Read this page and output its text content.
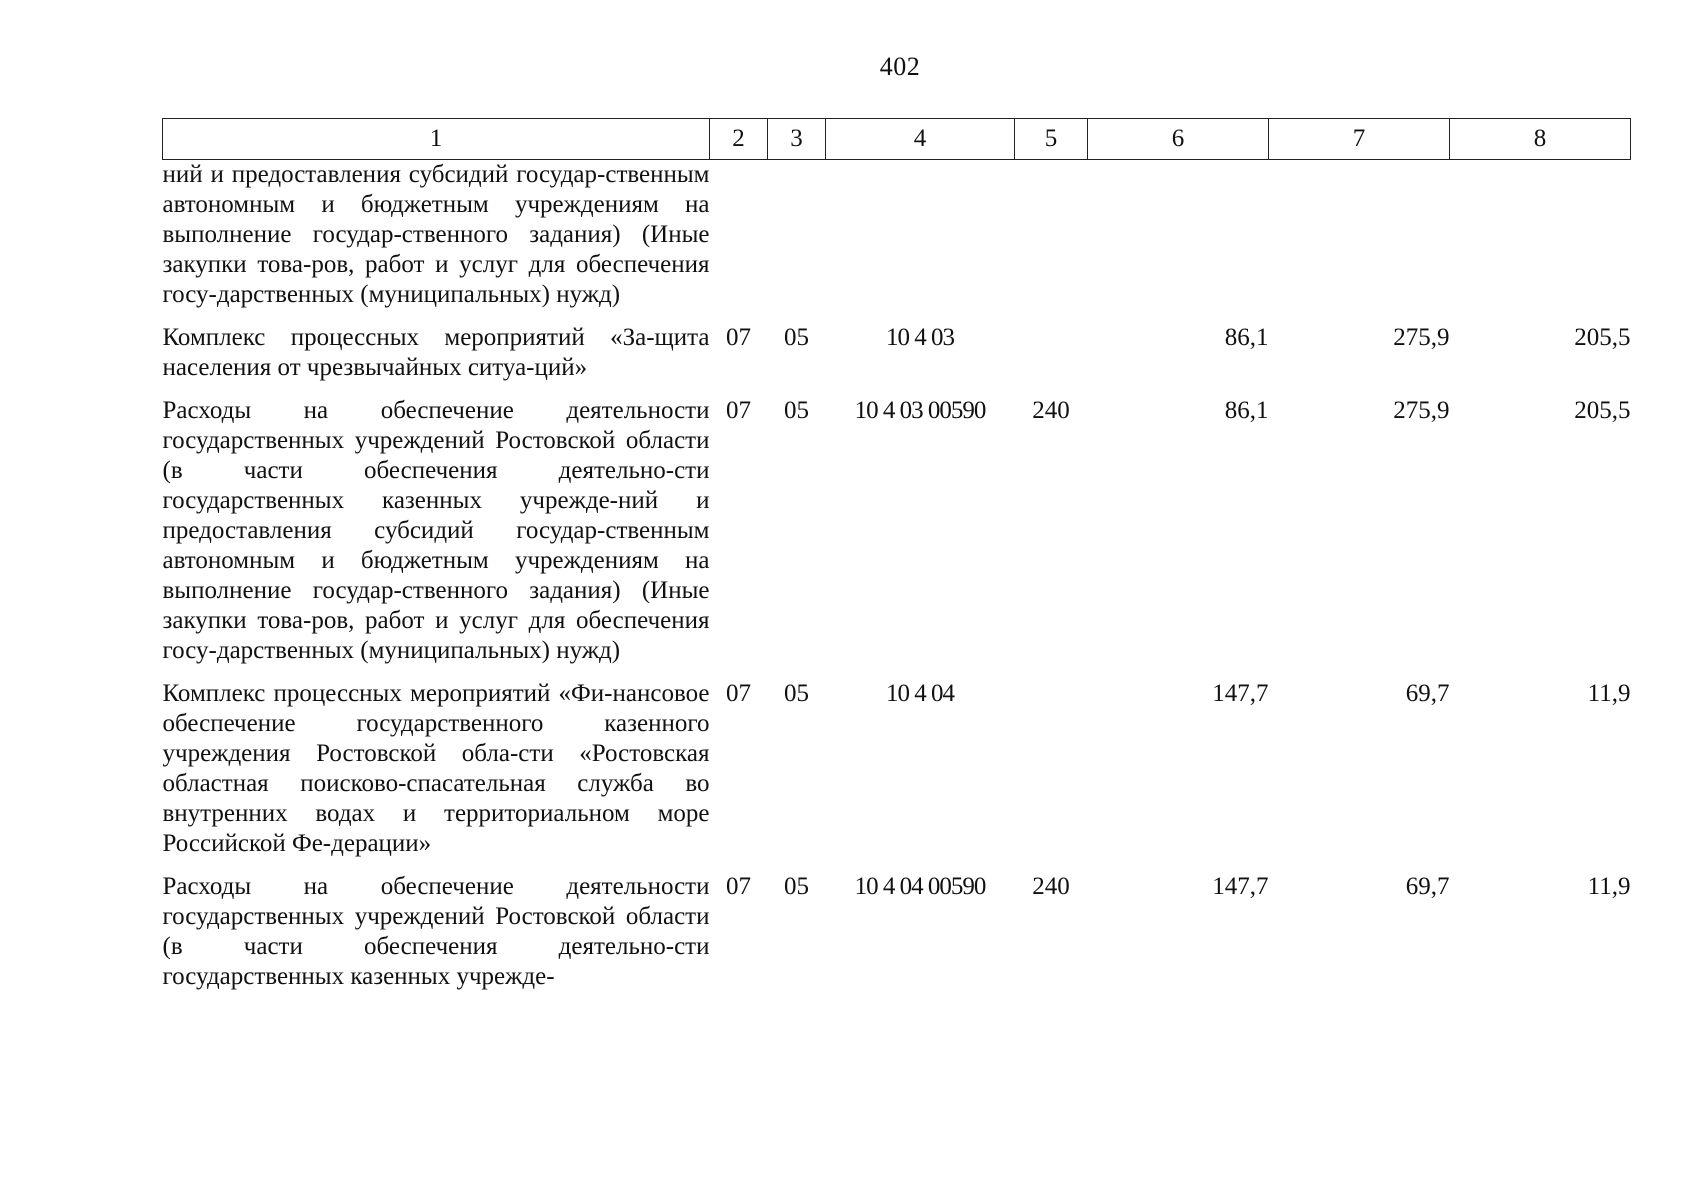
402
1	2	3	4	5	6	7	8
ний и предоставления субсидий государ-ственным автономным и бюджетным учреждениям на выполнение государ-ственного задания) (Иные закупки това-ров, работ и услуг для обеспечения госу-дарственных (муниципальных) нужд)							
Комплекс процессных мероприятий «За-щита населения от чрезвычайных ситуа-ций»	07	05	10 4 03		86,1	275,9	205,5
Расходы на обеспечение деятельности государственных учреждений Ростовской области (в части обеспечения деятельно-сти государственных казенных учрежде-ний и предоставления субсидий государ-ственным автономным и бюджетным учреждениям на выполнение государ-ственного задания) (Иные закупки това-ров, работ и услуг для обеспечения госу-дарственных (муниципальных) нужд)	07	05	10 4 03 00590	240	86,1	275,9	205,5
Комплекс процессных мероприятий «Фи-нансовое обеспечение государственного казенного учреждения Ростовской обла-сти «Ростовская областная поисково-спасательная служба во внутренних водах и территориальном море Российской Фе-дерации»	07	05	10 4 04		147,7	69,7	11,9
Расходы на обеспечение деятельности государственных учреждений Ростовской области (в части обеспечения деятельно-сти государственных казенных учрежде-	07	05	10 4 04 00590	240	147,7	69,7	11,9
